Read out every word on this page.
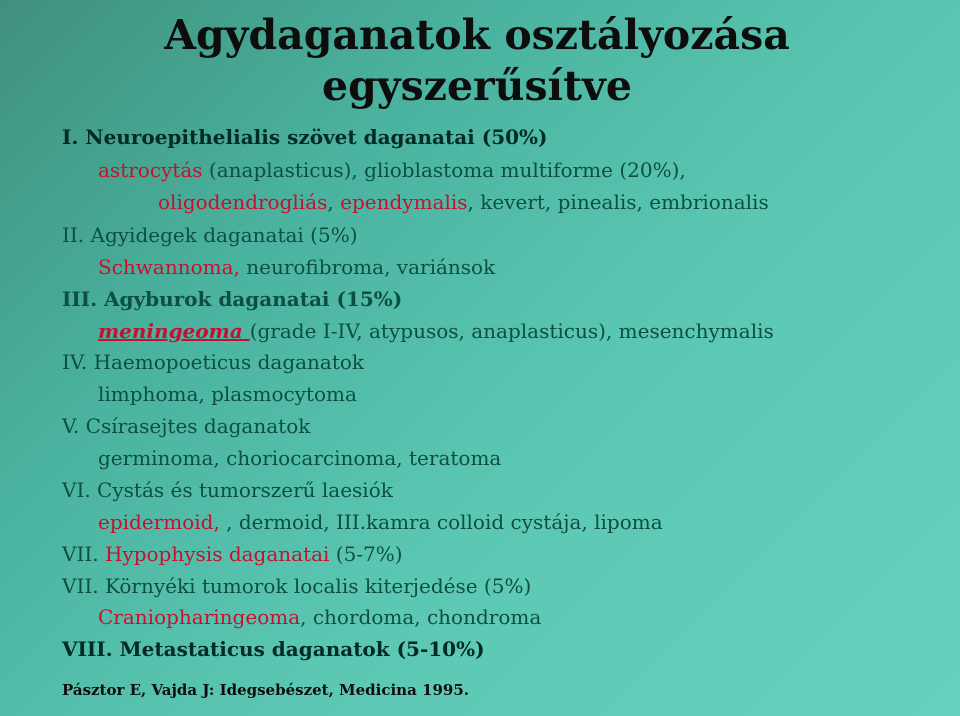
Agydaganatok osztályozása
egyszerűsítve
I. Neuroepithelialis szövet daganatai (50%)
astrocytás (anaplasticus), glioblastoma multiforme (20%),
oligodendrogliás, ependymalis, kevert, pinealis, embrionalis
II. Agyidegek daganatai (5%)
Schwannoma, neurofibroma, variánsok
III. Agyburok daganatai (15%)
meningeoma (grade I-IV, atypusos, anaplasticus), mesenchymalis
IV. Haemopoeticus daganatok
limphoma, plasmocytoma
V. Csírasejtes daganatok
germinoma, choriocarcinoma, teratoma
VI. Cystás és tumorszerű laesiók
epidermoid, , dermoid, III.kamra colloid cystája, lipoma
VII. Hypophysis daganatai (5-7%)
VII. Környéki tumorok localis kiterjedése (5%)
Craniopharingeoma, chordoma, chondroma
VIII. Metastaticus daganatok (5-10%)
Pásztor E, Vajda J: Idegsebészet, Medicina 1995.
